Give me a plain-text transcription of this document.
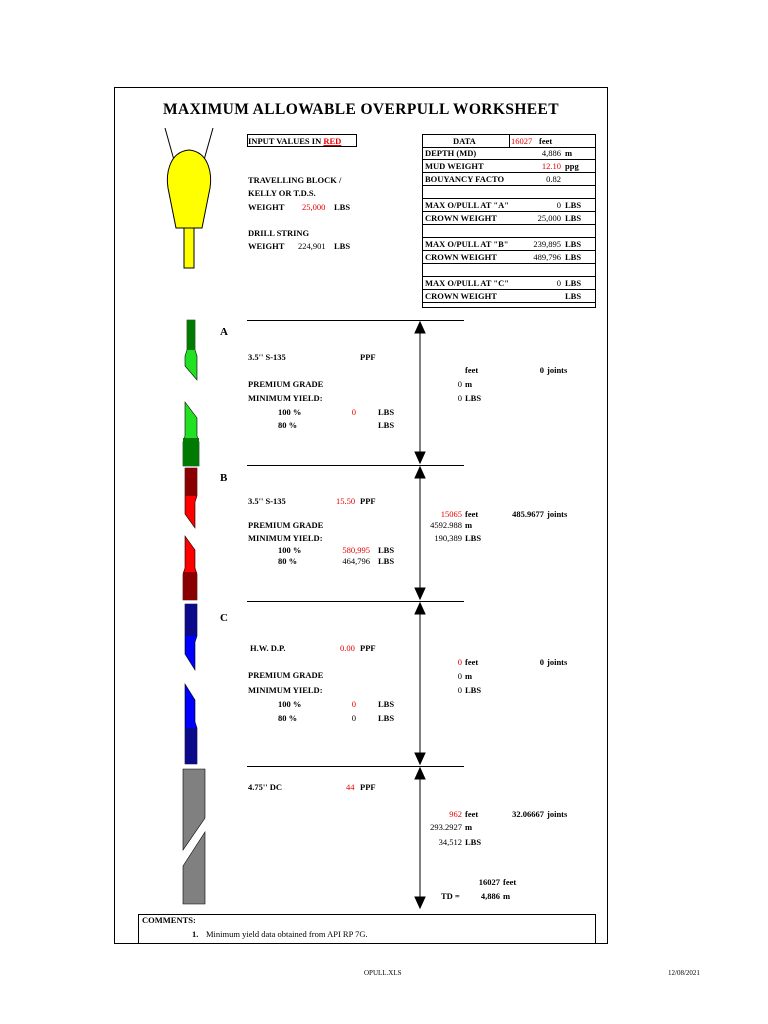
MAXIMUM ALLOWABLE OVERPULL WORKSHEET
INPUT VALUES IN RED
TRAVELLING BLOCK /
KELLY OR T.D.S.
WEIGHT 25,000 LBS
DRILL STRING
WEIGHT 224,901 LBS
DATA	16027 feet
DEPTH (MD)	4,886 m
MUD WEIGHT	12.10 ppg
BOUYANCY FACTO	0.82
MAX O/PULL AT "A"	0 LBS
CROWN WEIGHT	25,000 LBS
MAX O/PULL AT "B"	239,895 LBS
CROWN WEIGHT	489,796 LBS
MAX O/PULL AT "C"	0 LBS
CROWN WEIGHT	LBS
A
B
C
3.5'' S-135	PPF
PREMIUM GRADE
MINIMUM YIELD:
100 %	0	LBS
80 %	LBS
feet	0 joints
0 m
0 LBS
3.5'' S-135	15.50 PPF
PREMIUM GRADE
MINIMUM YIELD:
100 %	580,995 LBS
80 %	464,796 LBS
15065 feet	485.9677 joints
4592.988 m
190,389 LBS
H.W. D.P.	0.00 PPF
PREMIUM GRADE
MINIMUM YIELD:
100 %	0	LBS
80 %	0	LBS
0 feet	0 joints
0 m
0 LBS
4.75'' DC	44 PPF
962 feet	32.06667 joints
293.2927 m
34,512 LBS
16027 feet
TD =	4,886 m
COMMENTS:
1. Minimum yield data obtained from API RP 7G.
OPULL.XLS	12/08/2021
